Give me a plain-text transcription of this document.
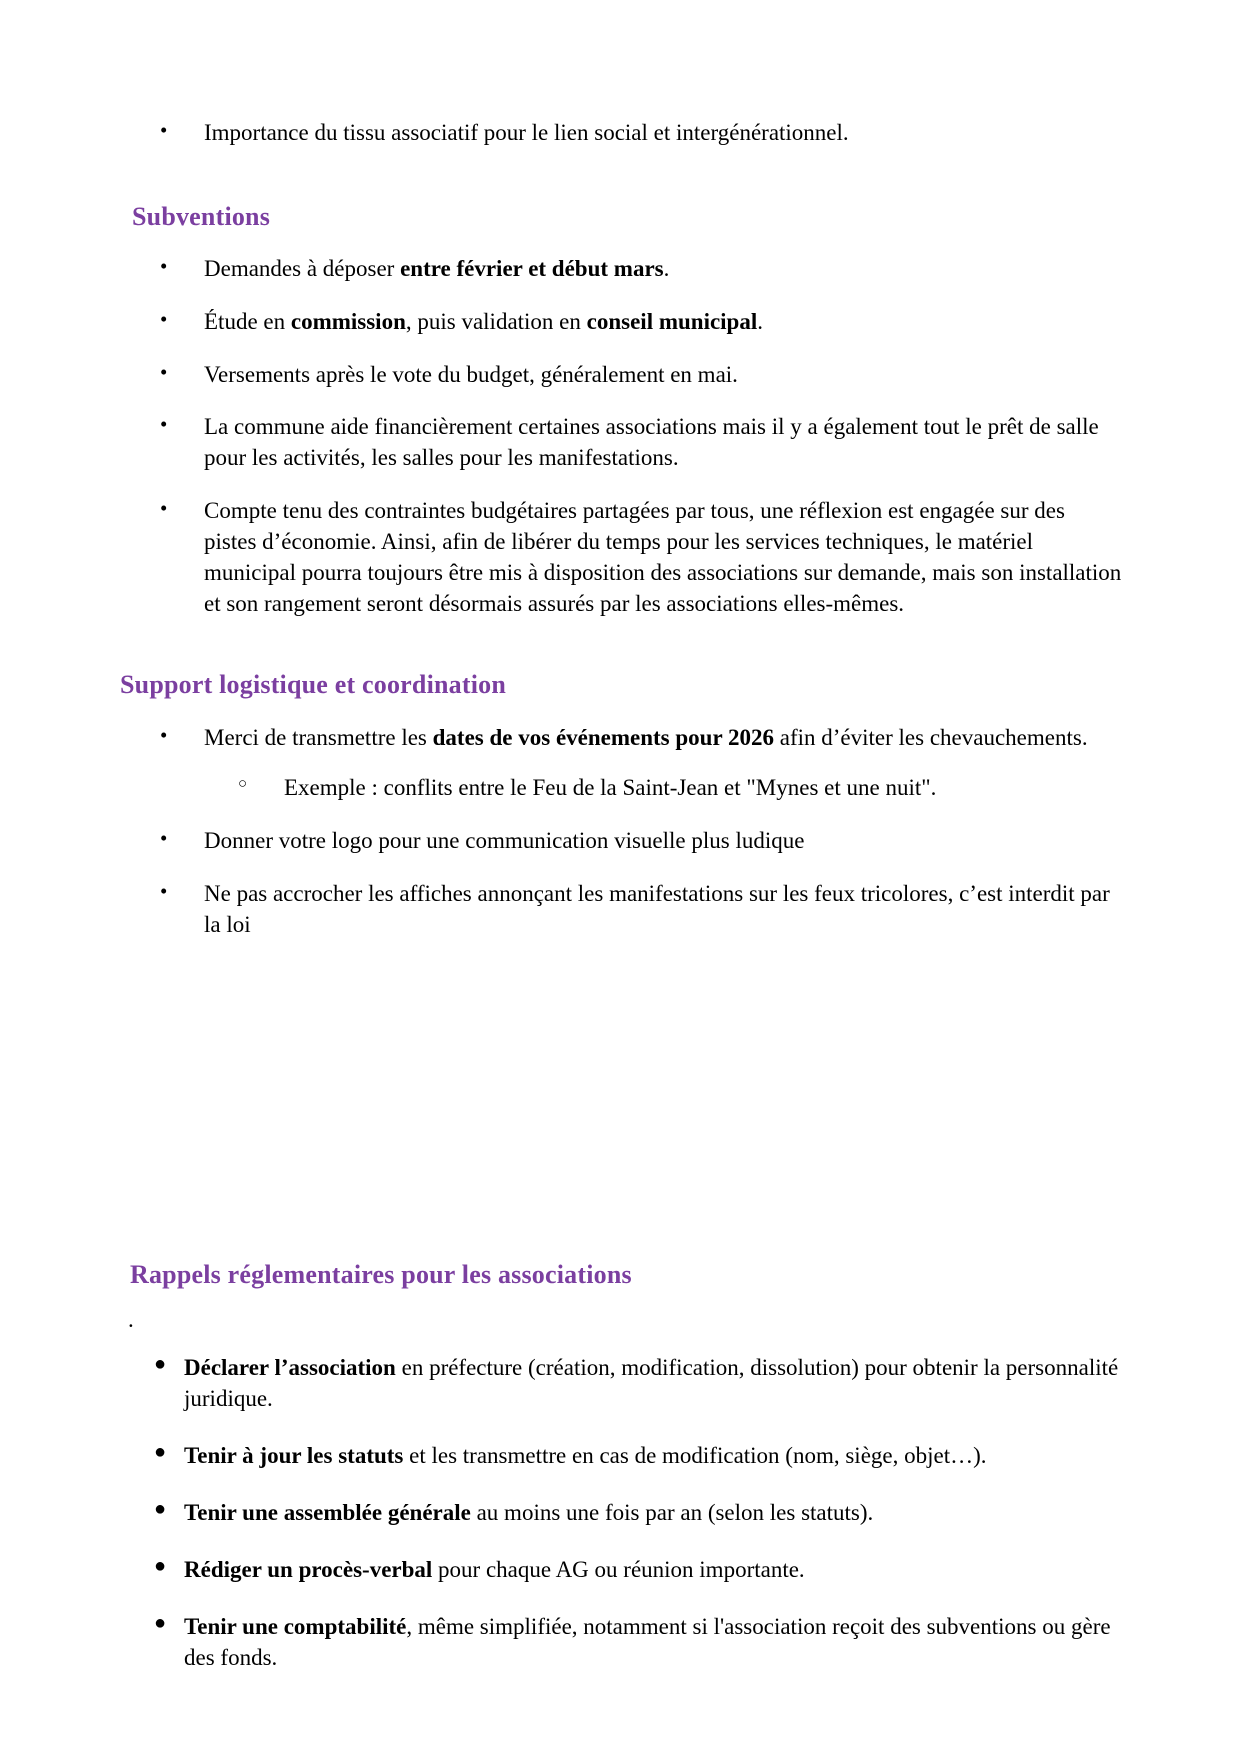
• Importance du tissu associatif pour le lien social et intergénérationnel.
Subventions
• Demandes à déposer entre février et début mars.
• Étude en commission, puis validation en conseil municipal.
• Versements après le vote du budget, généralement en mai.
• La commune aide financièrement certaines associations mais il y a également tout le prêt de salle pour les activités, les salles pour les manifestations.
• Compte tenu des contraintes budgétaires partagées par tous, une réflexion est engagée sur des pistes d’économie. Ainsi, afin de libérer du temps pour les services techniques, le matériel municipal pourra toujours être mis à disposition des associations sur demande, mais son installation et son rangement seront désormais assurés par les associations elles-mêmes.
Support logistique et coordination
• Merci de transmettre les dates de vos événements pour 2026 afin d’éviter les chevauchements.
○ Exemple : conflits entre le Feu de la Saint-Jean et "Mynes et une nuit".
• Donner votre logo pour une communication visuelle plus ludique
• Ne pas accrocher les affiches annonçant les manifestations sur les feux tricolores, c’est interdit par la loi
Rappels réglementaires pour les associations
.
● Déclarer l’association en préfecture (création, modification, dissolution) pour obtenir la personnalité juridique.
● Tenir à jour les statuts et les transmettre en cas de modification (nom, siège, objet…).
● Tenir une assemblée générale au moins une fois par an (selon les statuts).
● Rédiger un procès-verbal pour chaque AG ou réunion importante.
● Tenir une comptabilité, même simplifiée, notamment si l'association reçoit des subventions ou gère des fonds.
